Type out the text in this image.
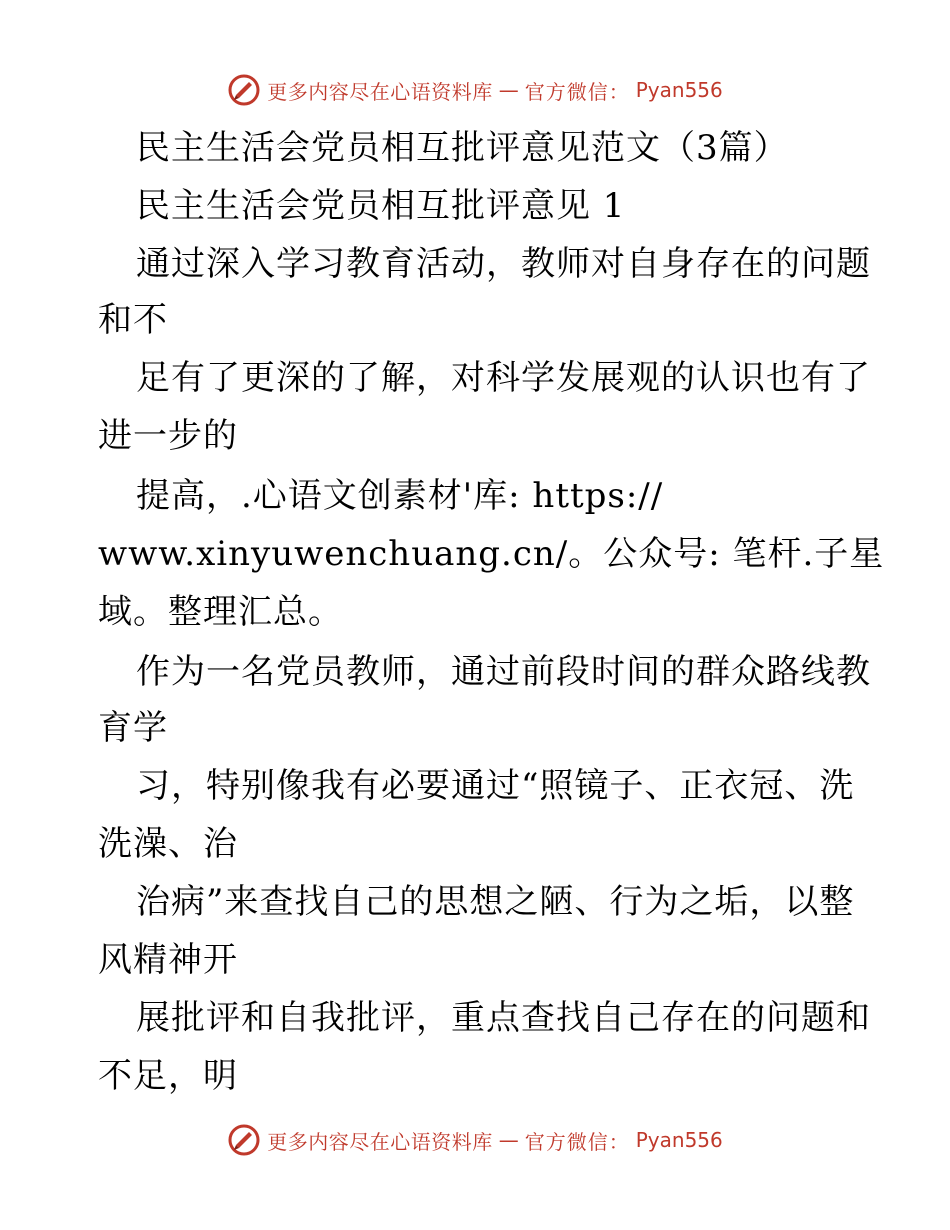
更多内容尽在心语资料库 — 官方微信： Pyan556
民主生活会党员相互批评意见范文（3篇）
民主生活会党员相互批评意见 1
通过深入学习教育活动，教师对自身存在的问题
和不
足有了更深的了解，对科学发展观的认识也有了
进一步的
提高，.心语文创素材'库: https://
www.xinyuwenchuang.cn/。公众号: 笔杆.子星
域。整理汇总。
作为一名党员教师，通过前段时间的群众路线教
育学
习，特别像我有必要通过“照镜子、正衣冠、洗
洗澡、治
治病”来查找自己的思想之陋、行为之垢，以整
风精神开
展批评和自我批评，重点查找自己存在的问题和
不足，明
更多内容尽在心语资料库 — 官方微信： Pyan556
